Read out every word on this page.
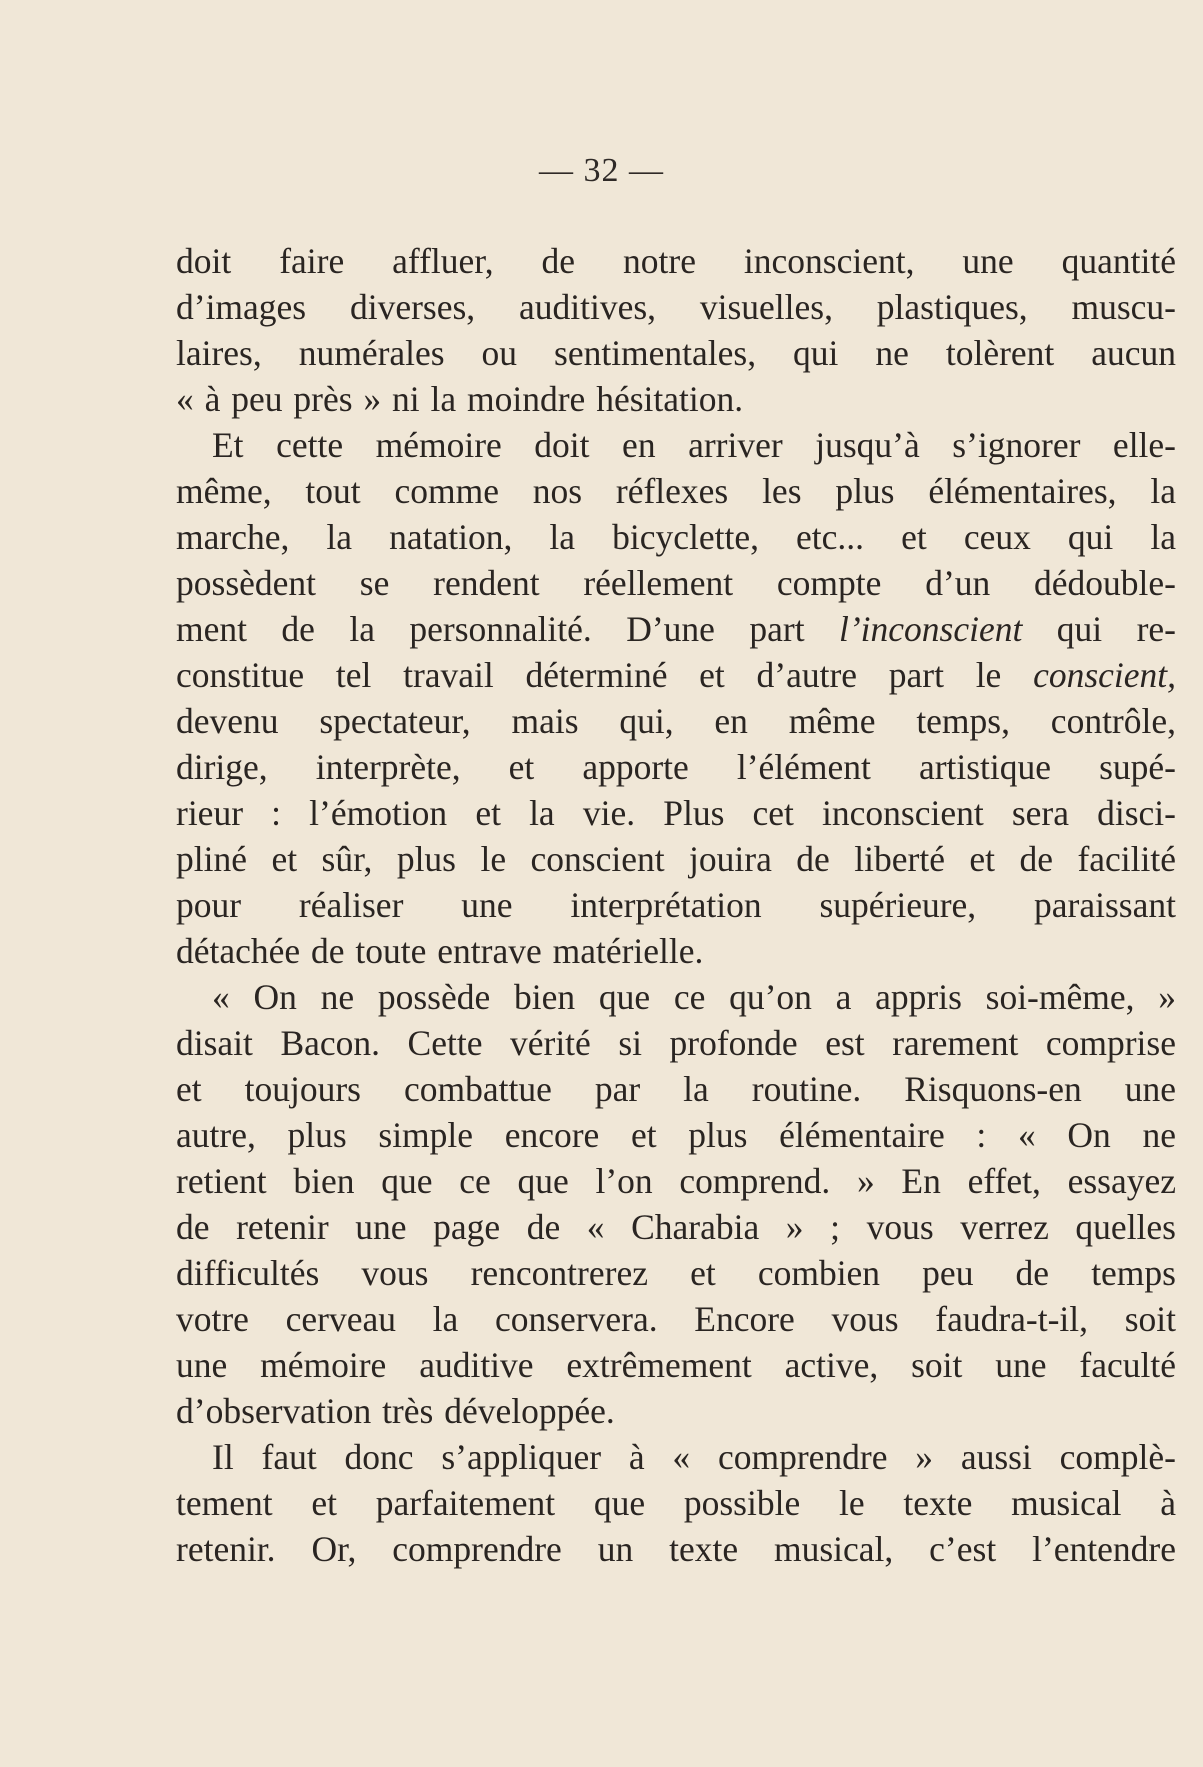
— 32 —
doit faire affluer, de notre inconscient, une quantité
d’images diverses, auditives, visuelles, plastiques, muscu-
laires, numérales ou sentimentales, qui ne tolèrent aucun
« à peu près » ni la moindre hésitation.
Et cette mémoire doit en arriver jusqu’à s’ignorer elle-
même, tout comme nos réflexes les plus élémentaires, la
marche, la natation, la bicyclette, etc... et ceux qui la
possèdent se rendent réellement compte d’un dédouble-
ment de la personnalité. D’une part l’inconscient qui re-
constitue tel travail déterminé et d’autre part le conscient,
devenu spectateur, mais qui, en même temps, contrôle,
dirige, interprète, et apporte l’élément artistique supé-
rieur : l’émotion et la vie. Plus cet inconscient sera disci-
pliné et sûr, plus le conscient jouira de liberté et de facilité
pour réaliser une interprétation supérieure, paraissant
détachée de toute entrave matérielle.
« On ne possède bien que ce qu’on a appris soi-même, »
disait Bacon. Cette vérité si profonde est rarement comprise
et toujours combattue par la routine. Risquons-en une
autre, plus simple encore et plus élémentaire : « On ne
retient bien que ce que l’on comprend. » En effet, essayez
de retenir une page de « Charabia » ; vous verrez quelles
difficultés vous rencontrerez et combien peu de temps
votre cerveau la conservera. Encore vous faudra-t-il, soit
une mémoire auditive extrêmement active, soit une faculté
d’observation très développée.
Il faut donc s’appliquer à « comprendre » aussi complè-
tement et parfaitement que possible le texte musical à
retenir. Or, comprendre un texte musical, c’est l’entendre
